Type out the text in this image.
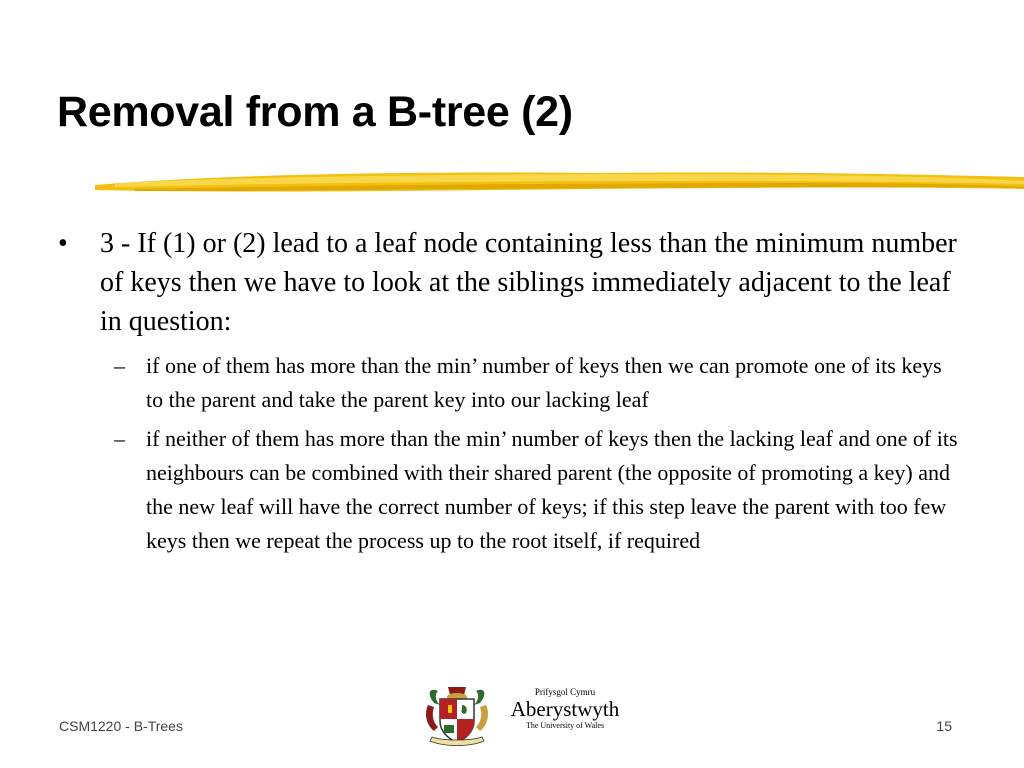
Removal from a B-tree (2)

• 3 - If (1) or (2) lead to a leaf node containing less than the minimum number of keys then we have to look at the siblings immediately adjacent to the leaf in question:

– if one of them has more than the min’ number of keys then we can promote one of its keys to the parent and take the parent key into our lacking leaf

– if neither of them has more than the min’ number of keys then the lacking leaf and one of its neighbours can be combined with their shared parent (the opposite of promoting a key) and the new leaf will have the correct number of keys; if this step leave the parent with too few keys then we repeat the process up to the root itself, if required

Prifysgol Cymru
Aberystwyth
The University of Wales
CSM1220 - B-Trees	15
